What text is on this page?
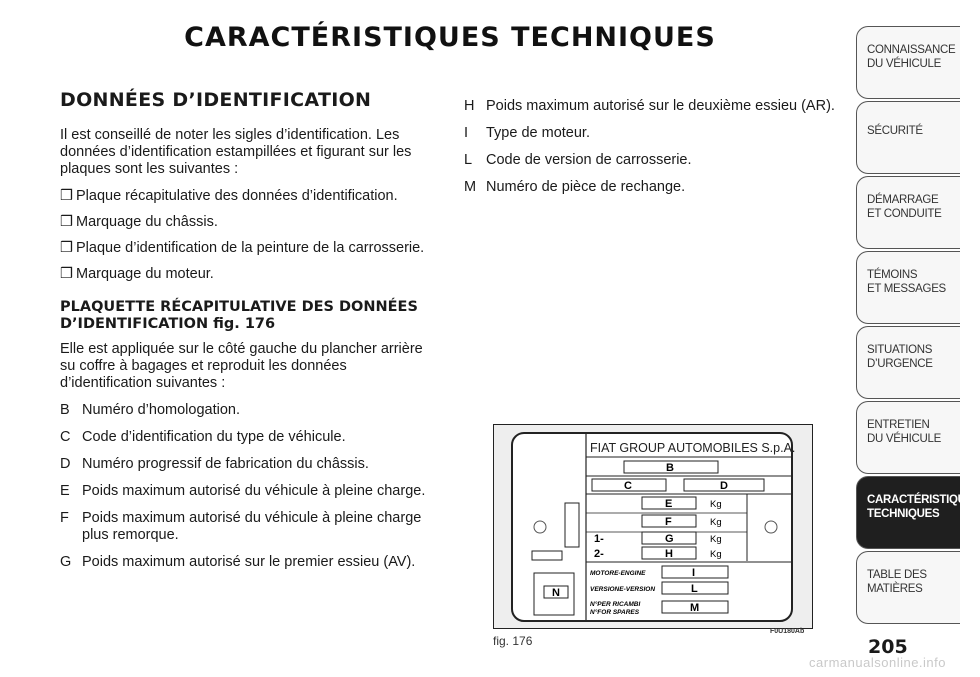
CARACTÉRISTIQUES TECHNIQUES
DONNÉES D’IDENTIFICATION

Il est conseillé de noter les sigles d’identification. Les données d’identification estampillées et figurant sur les plaques sont les suivantes :

❒ Plaque récapitulative des données d’identification.
❒ Marquage du châssis.
❒ Plaque d’identification de la peinture de la carrosserie.
❒ Marquage du moteur.
PLAQUETTE RÉCAPITULATIVE DES DONNÉES D’IDENTIFICATION fig. 176

Elle est appliquée sur le côté gauche du plancher arrière su coffre à bagages et reproduit les données d’identification suivantes :

B Numéro d’homologation.
C Code d’identification du type de véhicule.
D Numéro progressif de fabrication du châssis.
E Poids maximum autorisé du véhicule à pleine charge.
F Poids maximum autorisé du véhicule à pleine charge plus remorque.
G Poids maximum autorisé sur le premier essieu (AV).
H Poids maximum autorisé sur le deuxième essieu (AR).
I	Type de moteur.
L Code de version de carrosserie.
M Numéro de pièce de rechange.
FIAT GROUP AUTOMOBILES S.p.A.
B
C	D
E	Kg
F	Kg
1-	G	Kg
2-	H	Kg
MOTORE-ENGINE	I
VERSIONE-VERSION	L
N°PER RICAMBI
N°FOR SPARES	M
N
fig. 176
F0U180Ab
CONNAISSANCE
DU VÉHICULE
SÉCURITÉ
DÉMARRAGE
ET CONDUITE
TÉMOINS
ET MESSAGES
SITUATIONS
D’URGENCE
ENTRETIEN
DU VÉHICULE
CARACTÉRISTIQUES
TECHNIQUES
TABLE DES
MATIÈRES
205
carmanualsonline.info
